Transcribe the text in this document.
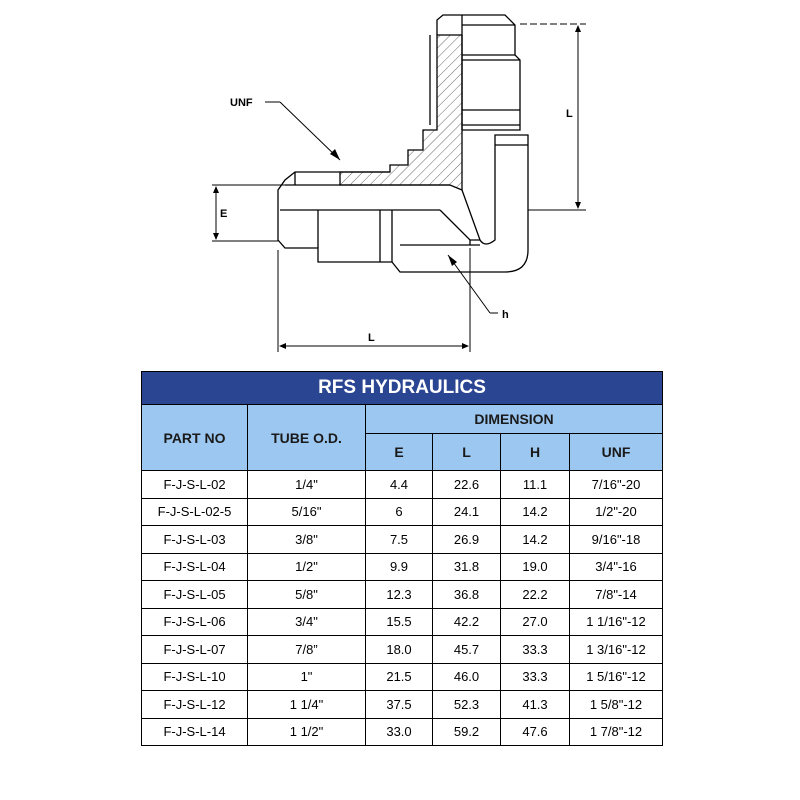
UNF
h
E
L
L
RFS HYDRAULICS					
PART NO	TUBE O.D.	DIMENSION			
		E	L	H	UNF
F-J-S-L-02	1/4"	4.4	22.6	11.1	7/16"-20
F-J-S-L-02-5	5/16"	6	24.1	14.2	1/2"-20
F-J-S-L-03	3/8"	7.5	26.9	14.2	9/16"-18
F-J-S-L-04	1/2"	9.9	31.8	19.0	3/4"-16
F-J-S-L-05	5/8"	12.3	36.8	22.2	7/8"-14
F-J-S-L-06	3/4"	15.5	42.2	27.0	1 1/16"-12
F-J-S-L-07	7/8”	18.0	45.7	33.3	1 3/16"-12
F-J-S-L-10	1"	21.5	46.0	33.3	1 5/16"-12
F-J-S-L-12	1 1/4"	37.5	52.3	41.3	1 5/8"-12
F-J-S-L-14	1 1/2"	33.0	59.2	47.6	1 7/8"-12
